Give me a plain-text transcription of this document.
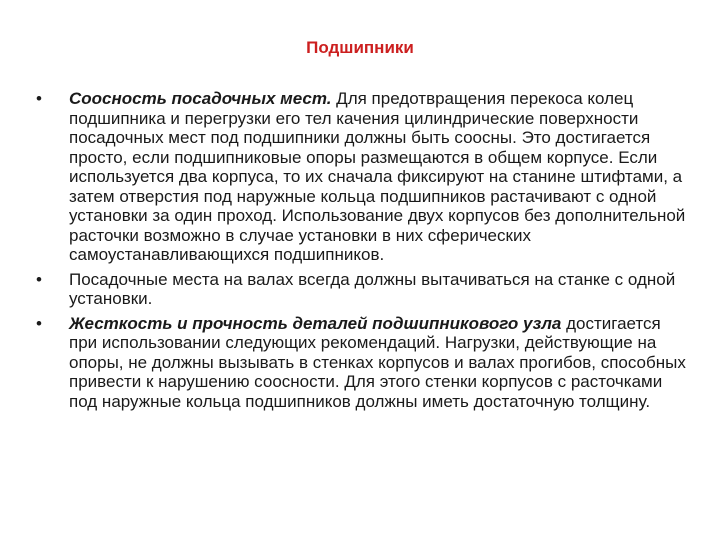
Подшипники
• Соосность посадочных мест. Для предотвращения перекоса колец подшипника и перегрузки его тел качения цилиндрические поверхности посадочных мест под подшипники должны быть соосны. Это достигается просто, если подшипниковые опоры размещаются в общем корпусе. Если используется два корпуса, то их сначала фиксируют на станине штифтами, а затем отверстия под наружные кольца подшипников растачивают с одной установки за один проход. Использование двух корпусов без дополнительной расточки возможно в случае установки в них сферических самоустанавливающихся подшипников.
• Посадочные места на валах всегда должны вытачиваться на станке с одной установки.
• Жесткость и прочность деталей подшипникового узла достигается при использовании следующих рекомендаций. Нагрузки, действующие на опоры, не должны вызывать в стенках корпусов и валах прогибов, способных привести к нарушению соосности. Для этого стенки корпусов с расточками под наружные кольца подшипников должны иметь достаточную толщину.
